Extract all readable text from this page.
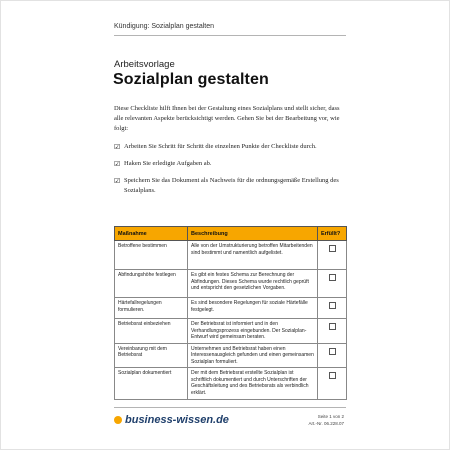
Kündigung: Sozialplan gestalten
Arbeitsvorlage
Sozialplan gestalten

Diese Checkliste hilft Ihnen bei der Gestaltung eines Sozialplans und stellt sicher, dass alle relevanten Aspekte berücksichtigt werden. Gehen Sie bei der Bearbeitung vor, wie folgt:

☑ Arbeiten Sie Schritt für Schritt die einzelnen Punkte der Checkliste durch.
☑ Haken Sie erledigte Aufgaben ab.
☑ Speichern Sie das Dokument als Nachweis für die ordnungsgemäße Erstellung des Sozialplans.
Maßnahme	Beschreibung	Erfüllt?
Betroffene bestimmen	Alle von der Umstrukturierung betroffen Mitarbeitenden sind bestimmt und namentlich aufgelistet.	
Abfindungshöhe festlegen	Es gibt ein festes Schema zur Berechnung der Abfindungen. Dieses Schema wurde rechtlich geprüft und entspricht den gesetzlichen Vorgaben.	
Härtefallregelungen formulieren.	Es sind besondere Regelungen für soziale Härtefälle festgelegt.	
Betriebsrat einbeziehen	Der Betriebsrat ist informiert und in den Verhandlungsprozess eingebunden. Der Sozialplan-Entwurf wird gemeinsam beraten.	
Vereinbarung mit dem Betriebsrat	Unternehmen und Betriebsrat haben einen Interessenausgleich gefunden und einen gemeinsamen Sozialplan formuliert.	
Sozialplan dokumentiert	Der mit dem Betriebsrat erstellte Sozialplan ist schriftlich dokumentiert und durch Unterschriften der Geschäftsleitung und des Betriebsrats als verbindlich erklärt.	
business-wissen.de	Seite 1 von 2
Art.-Nr. 06.228.07
